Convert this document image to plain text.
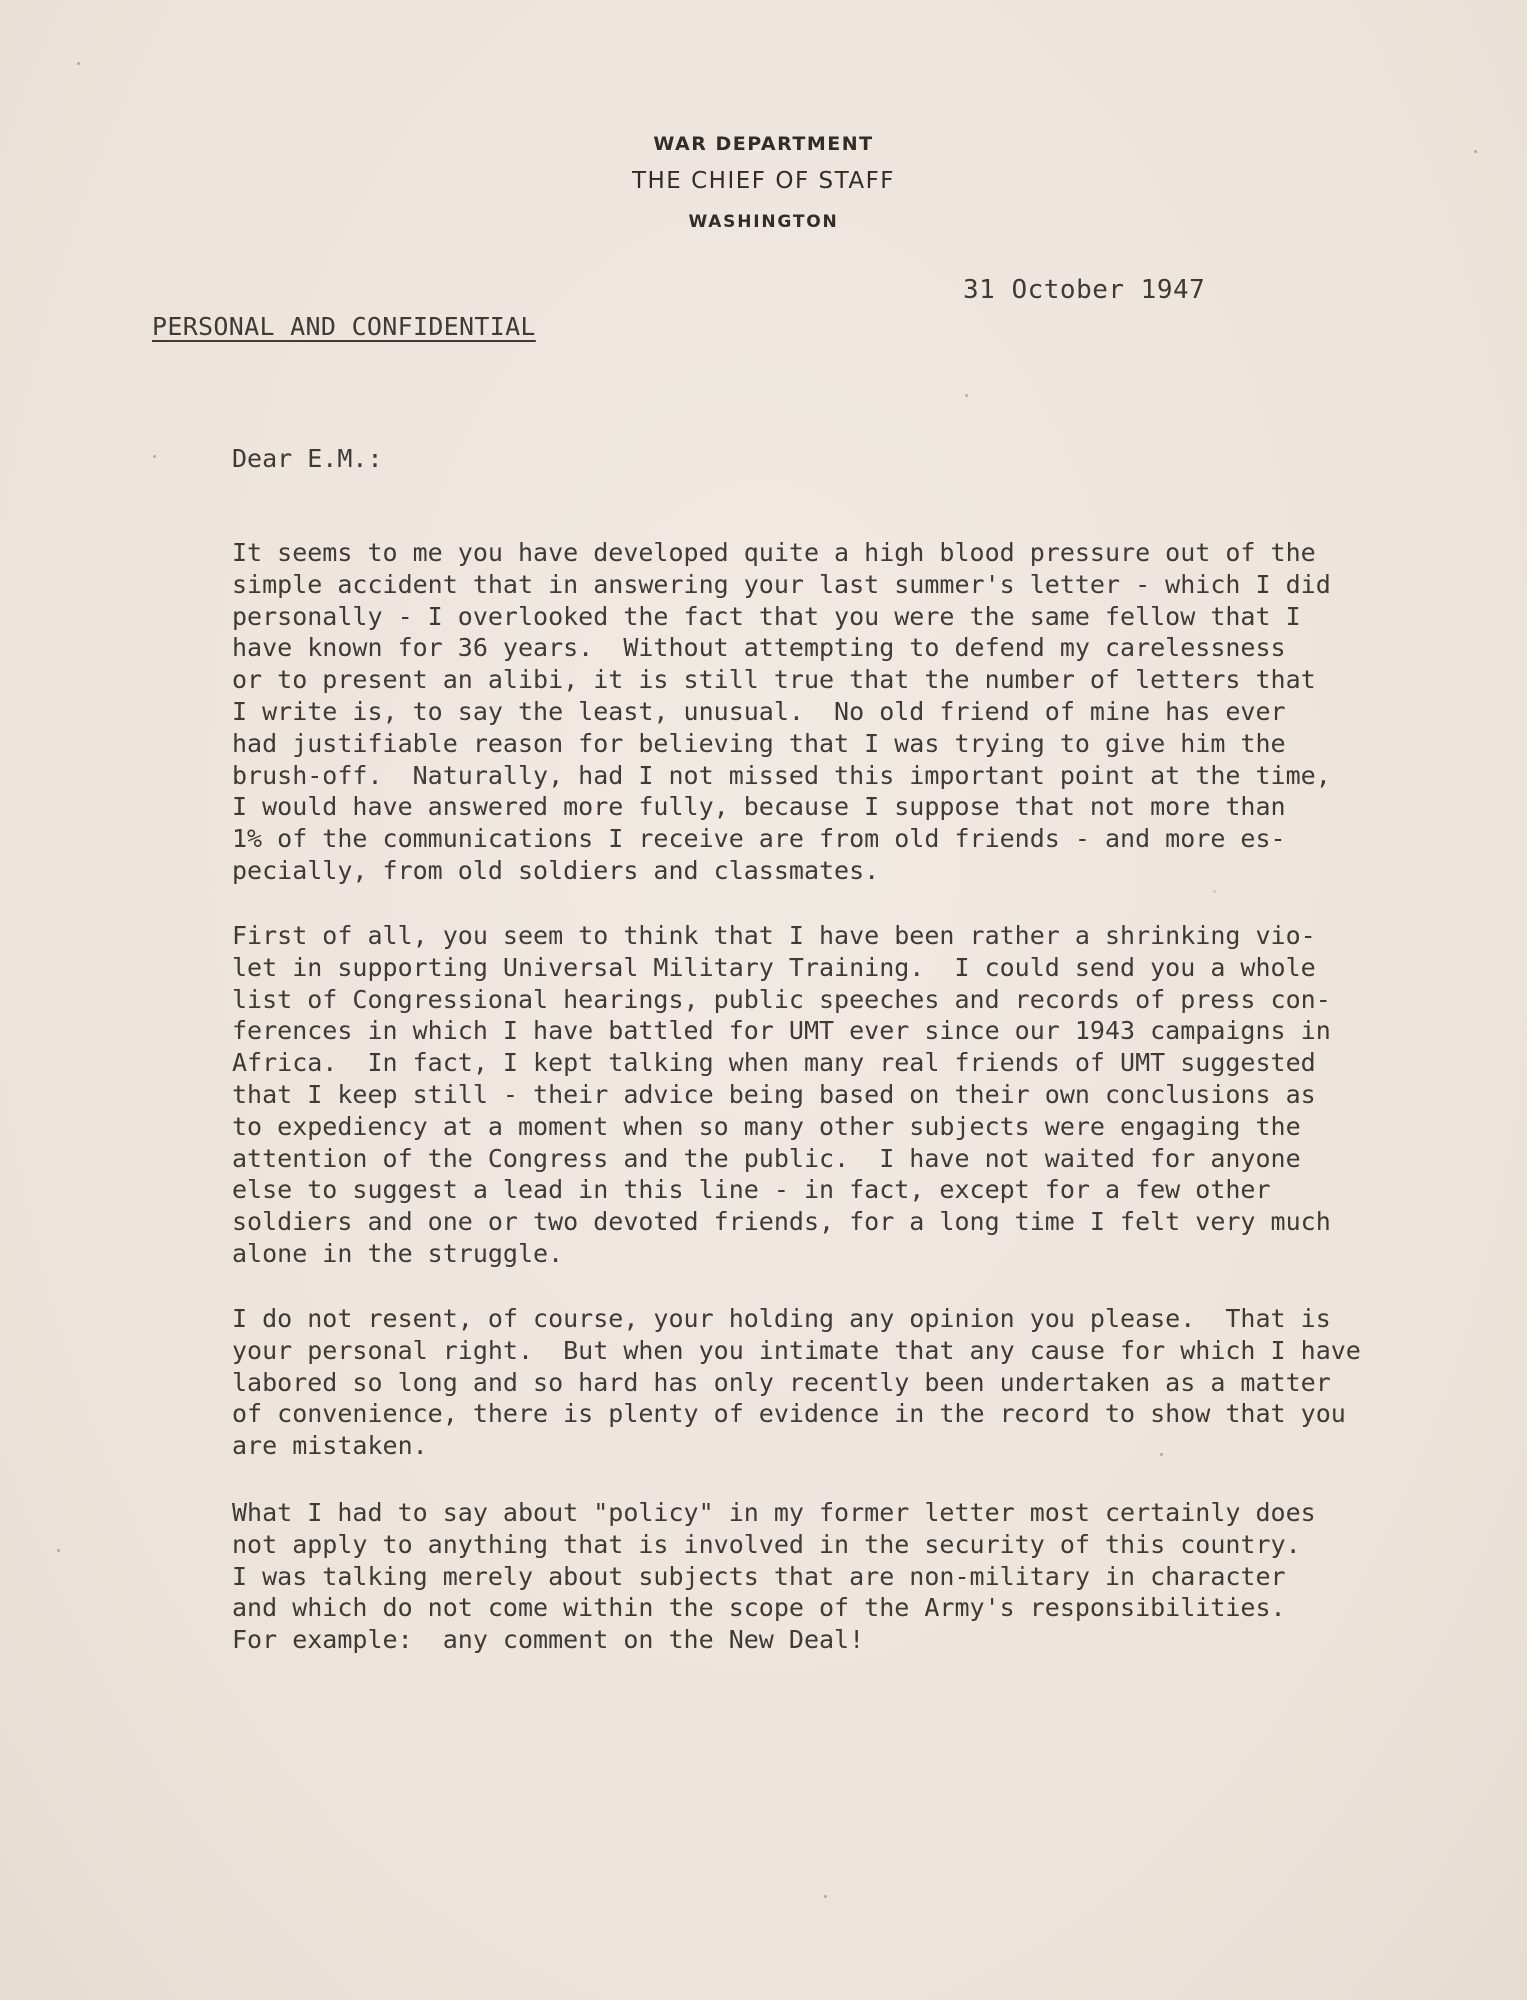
WAR DEPARTMENT
THE CHIEF OF STAFF
WASHINGTON
31 October 1947
PERSONAL AND CONFIDENTIAL
Dear E.M.:

It seems to me you have developed quite a high blood pressure out of the
simple accident that in answering your last summer's letter - which I did
personally - I overlooked the fact that you were the same fellow that I
have known for 36 years.  Without attempting to defend my carelessness
or to present an alibi, it is still true that the number of letters that
I write is, to say the least, unusual.  No old friend of mine has ever
had justifiable reason for believing that I was trying to give him the
brush-off.  Naturally, had I not missed this important point at the time,
I would have answered more fully, because I suppose that not more than
1% of the communications I receive are from old friends - and more es-
pecially, from old soldiers and classmates.

First of all, you seem to think that I have been rather a shrinking vio-
let in supporting Universal Military Training.  I could send you a whole
list of Congressional hearings, public speeches and records of press con-
ferences in which I have battled for UMT ever since our 1943 campaigns in
Africa.  In fact, I kept talking when many real friends of UMT suggested
that I keep still - their advice being based on their own conclusions as
to expediency at a moment when so many other subjects were engaging the
attention of the Congress and the public.  I have not waited for anyone
else to suggest a lead in this line - in fact, except for a few other
soldiers and one or two devoted friends, for a long time I felt very much
alone in the struggle.

I do not resent, of course, your holding any opinion you please.  That is
your personal right.  But when you intimate that any cause for which I have
labored so long and so hard has only recently been undertaken as a matter
of convenience, there is plenty of evidence in the record to show that you
are mistaken.

What I had to say about "policy" in my former letter most certainly does
not apply to anything that is involved in the security of this country.
I was talking merely about subjects that are non-military in character
and which do not come within the scope of the Army's responsibilities.
For example:  any comment on the New Deal!
